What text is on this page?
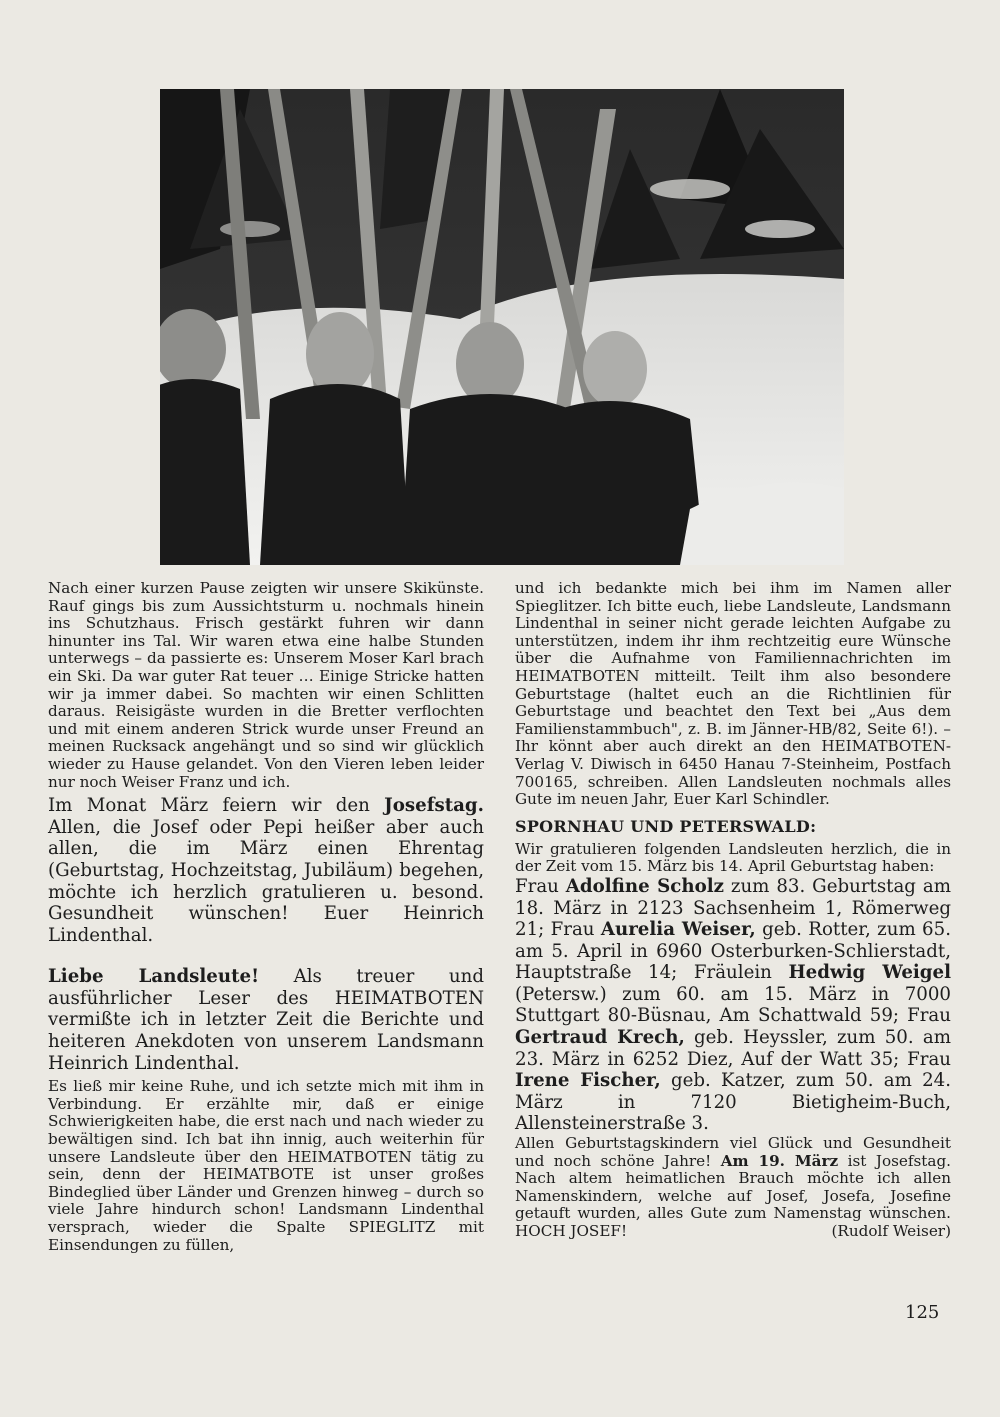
Nach einer kurzen Pause zeigten wir unsere Skikünste. Rauf gings bis zum Aussichtsturm u. nochmals hinein ins Schutzhaus. Frisch gestärkt fuhren wir dann hinunter ins Tal. Wir waren etwa eine halbe Stunden unterwegs – da passierte es: Unserem Moser Karl brach ein Ski. Da war guter Rat teuer … Einige Stricke hatten wir ja immer dabei. So machten wir einen Schlitten daraus. Reisigäste wurden in die Bretter verflochten und mit einem anderen Strick wurde unser Freund an meinen Rucksack angehängt und so sind wir glücklich wieder zu Hause gelandet. Von den Vieren leben leider nur noch Weiser Franz und ich.

Im Monat März feiern wir den Josefstag. Allen, die Josef oder Pepi heißer aber auch allen, die im März einen Ehrentag (Geburtstag, Hochzeitstag, Jubiläum) begehen, möchte ich herzlich gratulieren u. besond. Gesundheit wünschen! Euer Heinrich Lindenthal.

Liebe Landsleute! Als treuer und ausführlicher Leser des HEIMATBOTEN vermißte ich in letzter Zeit die Berichte und heiteren Anekdoten von unserem Landsmann Heinrich Lindenthal.

Es ließ mir keine Ruhe, und ich setzte mich mit ihm in Verbindung. Er erzählte mir, daß er einige Schwierigkeiten habe, die erst nach und nach wieder zu bewältigen sind. Ich bat ihn innig, auch weiterhin für unsere Landsleute über den HEIMATBOTEN tätig zu sein, denn der HEIMATBOTE ist unser großes Bindeglied über Länder und Grenzen hinweg – durch so viele Jahre hindurch schon! Landsmann Lindenthal versprach, wieder die Spalte SPIEGLITZ mit Einsendungen zu füllen,

und ich bedankte mich bei ihm im Namen aller Spieglitzer. Ich bitte euch, liebe Landsleute, Landsmann Lindenthal in seiner nicht gerade leichten Aufgabe zu unterstützen, indem ihr ihm rechtzeitig eure Wünsche über die Aufnahme von Familiennachrichten im HEIMATBOTEN mitteilt. Teilt ihm also besondere Geburtstage (haltet euch an die Richtlinien für Geburtstage und beachtet den Text bei „Aus dem Familienstammbuch", z. B. im Jänner-HB/82, Seite 6!). – Ihr könnt aber auch direkt an den HEIMATBOTEN-Verlag V. Diwisch in 6450 Hanau 7-Steinheim, Postfach 700165, schreiben. Allen Landsleuten nochmals alles Gute im neuen Jahr, Euer Karl Schindler.

SPORNHAU UND PETERSWALD:

Wir gratulieren folgenden Landsleuten herzlich, die in der Zeit vom 15. März bis 14. April Geburtstag haben:

Frau Adolfine Scholz zum 83. Geburtstag am 18. März in 2123 Sachsenheim 1, Römerweg 21; Frau Aurelia Weiser, geb. Rotter, zum 65. am 5. April in 6960 Osterburken-Schlierstadt, Hauptstraße 14; Fräulein Hedwig Weigel (Petersw.) zum 60. am 15. März in 7000 Stuttgart 80-Büsnau, Am Schattwald 59; Frau Gertraud Krech, geb. Heyssler, zum 50. am 23. März in 6252 Diez, Auf der Watt 35; Frau Irene Fischer, geb. Katzer, zum 50. am 24. März in 7120 Bietigheim-Buch, Allensteinerstraße 3.

Allen Geburtstagskindern viel Glück und Gesundheit und noch schöne Jahre! Am 19. März ist Josefstag. Nach altem heimatlichen Brauch möchte ich allen Namenskindern, welche auf Josef, Josefa, Josefine getauft wurden, alles Gute zum Namenstag wünschen. HOCH JOSEF!	(Rudolf Weiser)

125
